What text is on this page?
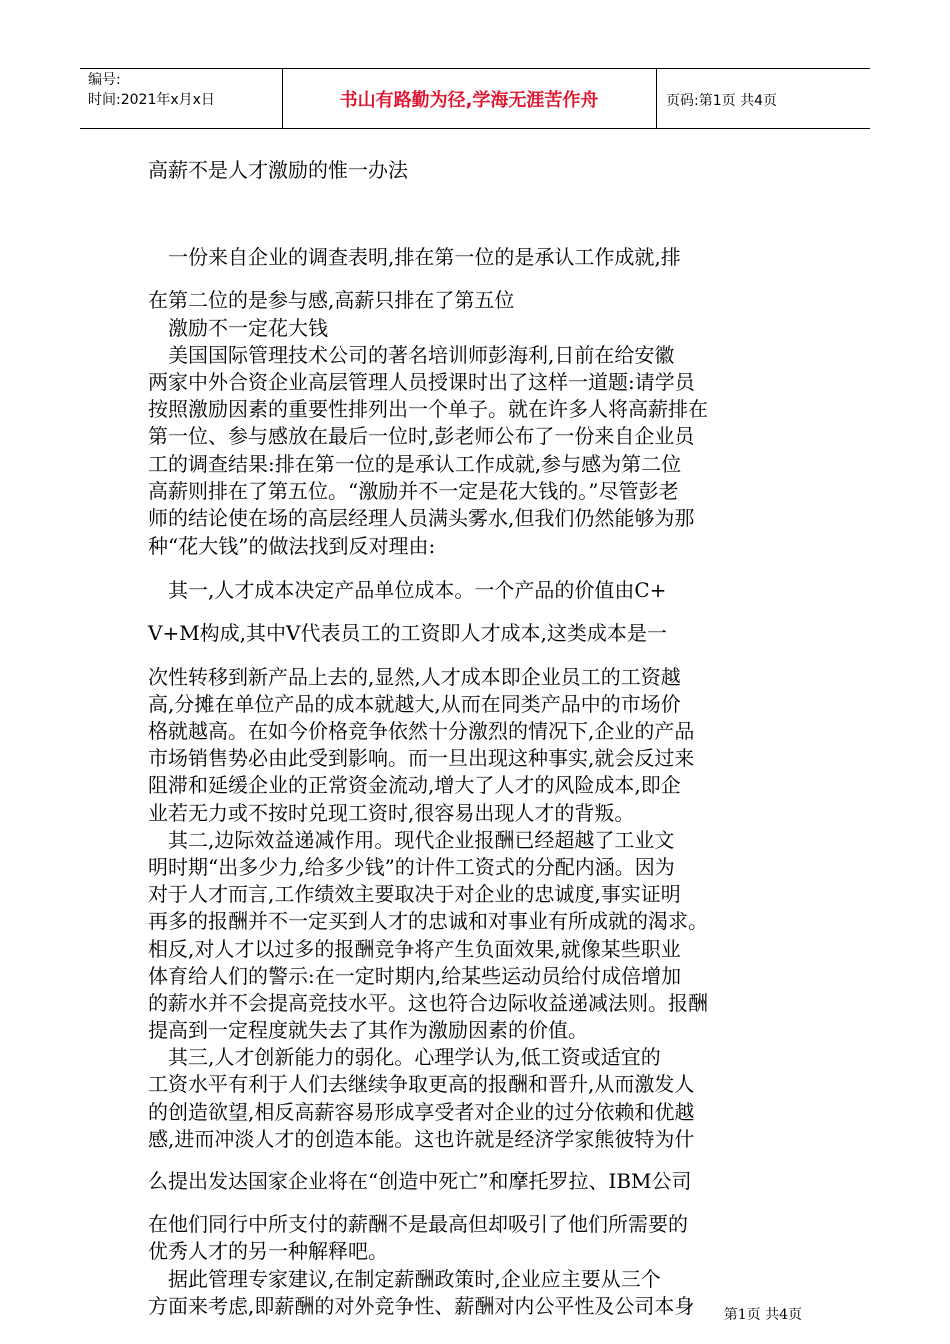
编号:
时间:2021年x月x日	书山有路勤为径,学海无涯苦作舟	页码:第1页 共4页
高薪不是人才激励的惟一办法
　一份来自企业的调查表明,排在第一位的是承认工作成就,排
在第二位的是参与感,高薪只排在了第五位
　激励不一定花大钱
　美国国际管理技术公司的著名培训师彭海利,日前在给安徽
两家中外合资企业高层管理人员授课时出了这样一道题:请学员
按照激励因素的重要性排列出一个单子。就在许多人将高薪排在
第一位、参与感放在最后一位时,彭老师公布了一份来自企业员
工的调查结果:排在第一位的是承认工作成就,参与感为第二位
高薪则排在了第五位。“激励并不一定是花大钱的。”尽管彭老
师的结论使在场的高层经理人员满头雾水,但我们仍然能够为那
种“花大钱”的做法找到反对理由:
　其一,人才成本决定产品单位成本。一个产品的价值由C+
V+M构成,其中V代表员工的工资即人才成本,这类成本是一
次性转移到新产品上去的,显然,人才成本即企业员工的工资越
高,分摊在单位产品的成本就越大,从而在同类产品中的市场价
格就越高。在如今价格竞争依然十分激烈的情况下,企业的产品
市场销售势必由此受到影响。而一旦出现这种事实,就会反过来
阻滞和延缓企业的正常资金流动,增大了人才的风险成本,即企
业若无力或不按时兑现工资时,很容易出现人才的背叛。
　其二,边际效益递减作用。现代企业报酬已经超越了工业文
明时期“出多少力,给多少钱”的计件工资式的分配内涵。因为
对于人才而言,工作绩效主要取决于对企业的忠诚度,事实证明
再多的报酬并不一定买到人才的忠诚和对事业有所成就的渴求。
相反,对人才以过多的报酬竞争将产生负面效果,就像某些职业
体育给人们的警示:在一定时期内,给某些运动员给付成倍增加
的薪水并不会提高竞技水平。这也符合边际收益递减法则。报酬
提高到一定程度就失去了其作为激励因素的价值。
　其三,人才创新能力的弱化。心理学认为,低工资或适宜的
工资水平有利于人们去继续争取更高的报酬和晋升,从而激发人
的创造欲望,相反高薪容易形成享受者对企业的过分依赖和优越
感,进而冲淡人才的创造本能。这也许就是经济学家熊彼特为什
么提出发达国家企业将在“创造中死亡”和摩托罗拉、IBM公司
在他们同行中所支付的薪酬不是最高但却吸引了他们所需要的
优秀人才的另一种解释吧。
　据此管理专家建议,在制定薪酬政策时,企业应主要从三个
方面来考虑,即薪酬的对外竞争性、薪酬对内公平性及公司本身	第1页 共4页
